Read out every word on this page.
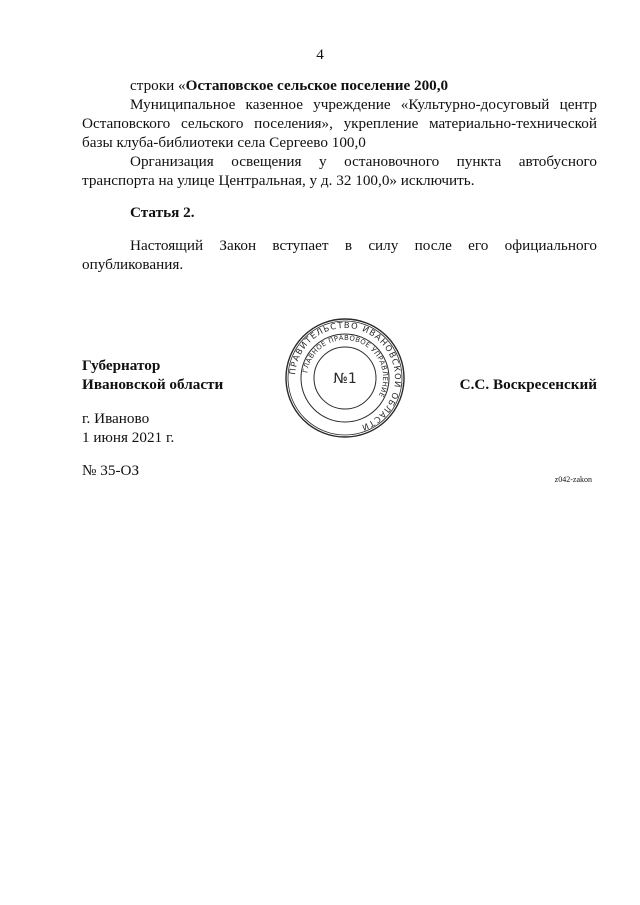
4

строки «Остаповское сельское поселение 200,0

Муниципальное казенное учреждение «Культурно-досуговый центр Остаповского сельского поселения», укрепление материально-технической базы клуба-библиотеки села Сергеево 100,0

Организация освещения у остановочного пункта автобусного транспорта на улице Центральная, у д. 32 100,0» исключить.

Статья 2.

Настоящий Закон вступает в силу после его официального опубликования.

Губернатор
Ивановской области	С.С. Воскресенский
г. Иваново
1 июня 2021 г.
№ 35-ОЗ
z042-zakon
ПРАВИТЕЛЬСТВО ИВАНОВСКОЙ ОБЛАСТИ
ГЛАВНОЕ ПРАВОВОЕ УПРАВЛЕНИЕ
№1
